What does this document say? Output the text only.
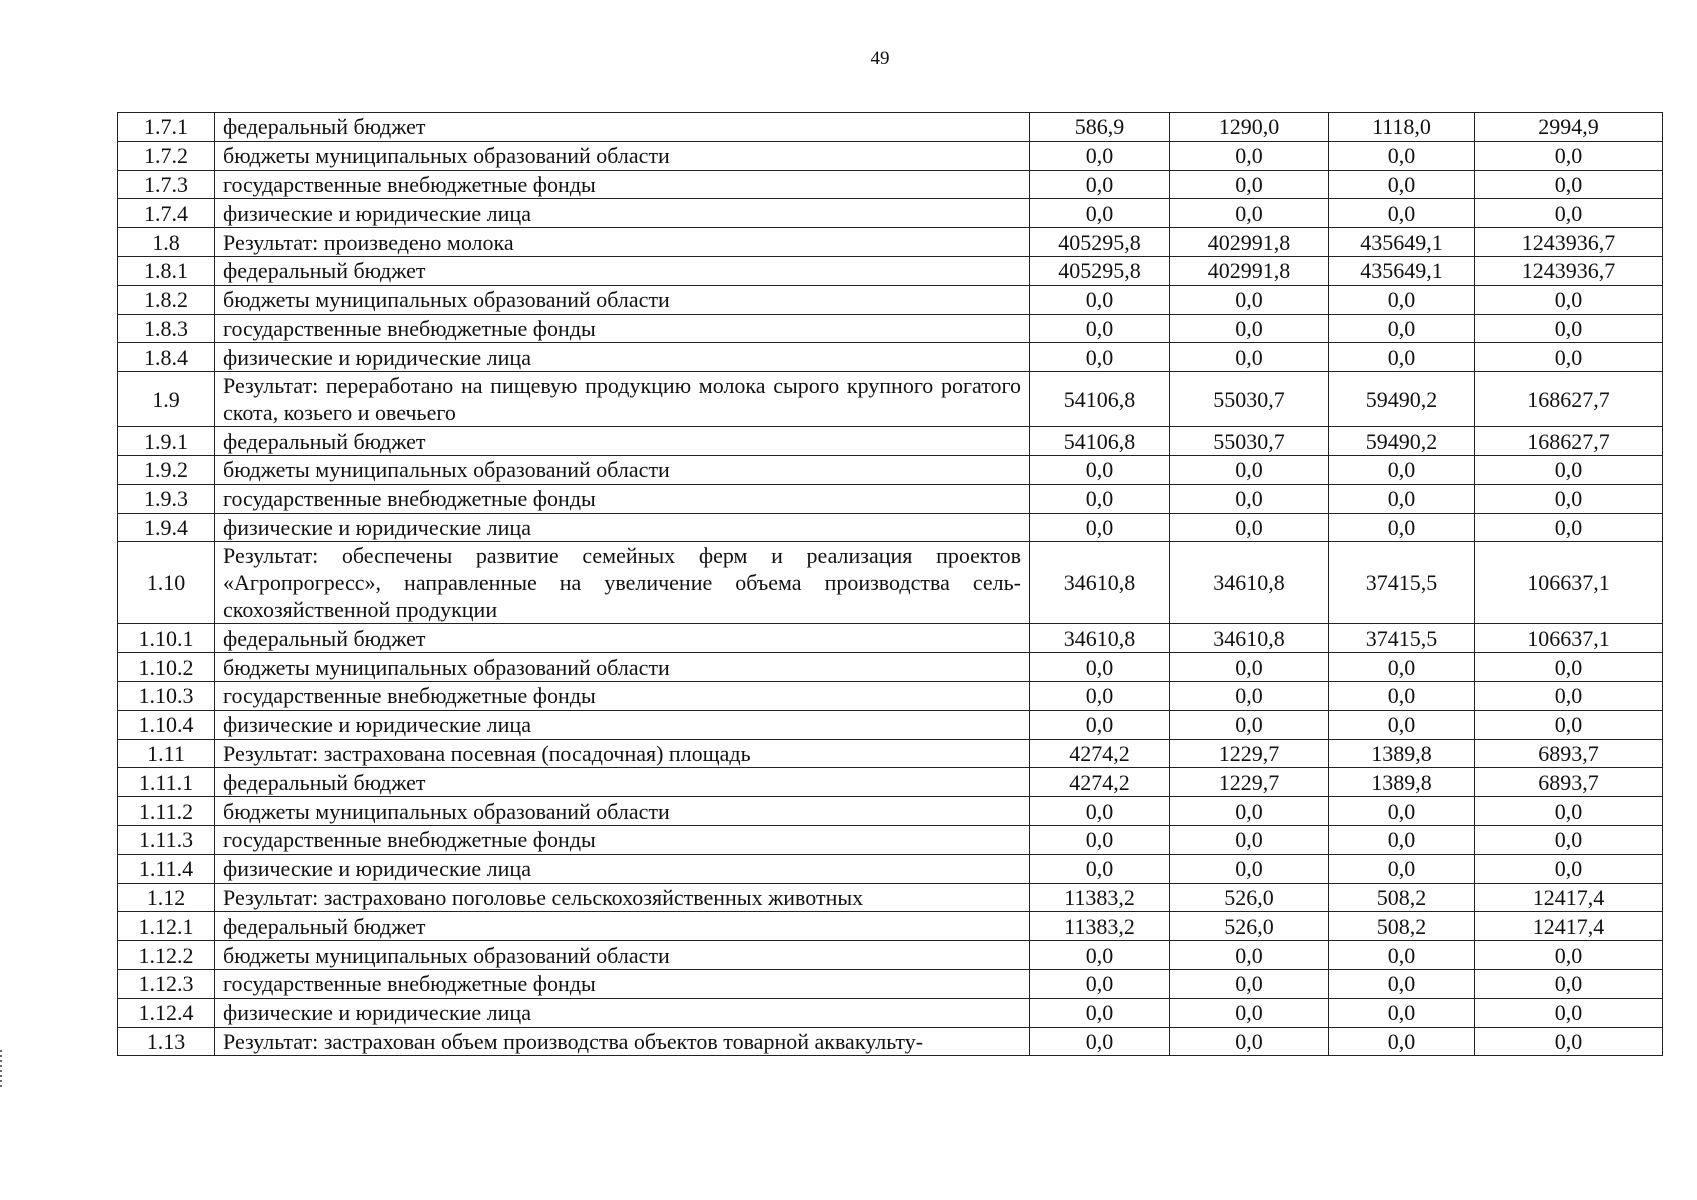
49
1.7.1	федеральный бюджет	586,9	1290,0	1118,0	2994,9
1.7.2	бюджеты муниципальных образований области	0,0	0,0	0,0	0,0
1.7.3	государственные внебюджетные фонды	0,0	0,0	0,0	0,0
1.7.4	физические и юридические лица	0,0	0,0	0,0	0,0
1.8	Результат: произведено молока	405295,8	402991,8	435649,1	1243936,7
1.8.1	федеральный бюджет	405295,8	402991,8	435649,1	1243936,7
1.8.2	бюджеты муниципальных образований области	0,0	0,0	0,0	0,0
1.8.3	государственные внебюджетные фонды	0,0	0,0	0,0	0,0
1.8.4	физические и юридические лица	0,0	0,0	0,0	0,0
1.9	Результат: переработано на пищевую продукцию молока сырого крупного рогатого скота, козьего и овечьего	54106,8	55030,7	59490,2	168627,7
1.9.1	федеральный бюджет	54106,8	55030,7	59490,2	168627,7
1.9.2	бюджеты муниципальных образований области	0,0	0,0	0,0	0,0
1.9.3	государственные внебюджетные фонды	0,0	0,0	0,0	0,0
1.9.4	физические и юридические лица	0,0	0,0	0,0	0,0
1.10	Результат: обеспечены развитие семейных ферм и реализация проектов «Агропрогресс», направленные на увеличение объема производства сель-скохозяйственной продукции	34610,8	34610,8	37415,5	106637,1
1.10.1	федеральный бюджет	34610,8	34610,8	37415,5	106637,1
1.10.2	бюджеты муниципальных образований области	0,0	0,0	0,0	0,0
1.10.3	государственные внебюджетные фонды	0,0	0,0	0,0	0,0
1.10.4	физические и юридические лица	0,0	0,0	0,0	0,0
1.11	Результат: застрахована посевная (посадочная) площадь	4274,2	1229,7	1389,8	6893,7
1.11.1	федеральный бюджет	4274,2	1229,7	1389,8	6893,7
1.11.2	бюджеты муниципальных образований области	0,0	0,0	0,0	0,0
1.11.3	государственные внебюджетные фонды	0,0	0,0	0,0	0,0
1.11.4	физические и юридические лица	0,0	0,0	0,0	0,0
1.12	Результат: застраховано поголовье сельскохозяйственных животных	11383,2	526,0	508,2	12417,4
1.12.1	федеральный бюджет	11383,2	526,0	508,2	12417,4
1.12.2	бюджеты муниципальных образований области	0,0	0,0	0,0	0,0
1.12.3	государственные внебюджетные фонды	0,0	0,0	0,0	0,0
1.12.4	физические и юридические лица	0,0	0,0	0,0	0,0
1.13	Результат: застрахован объем производства объектов товарной аквакульту-	0,0	0,0	0,0	0,0
